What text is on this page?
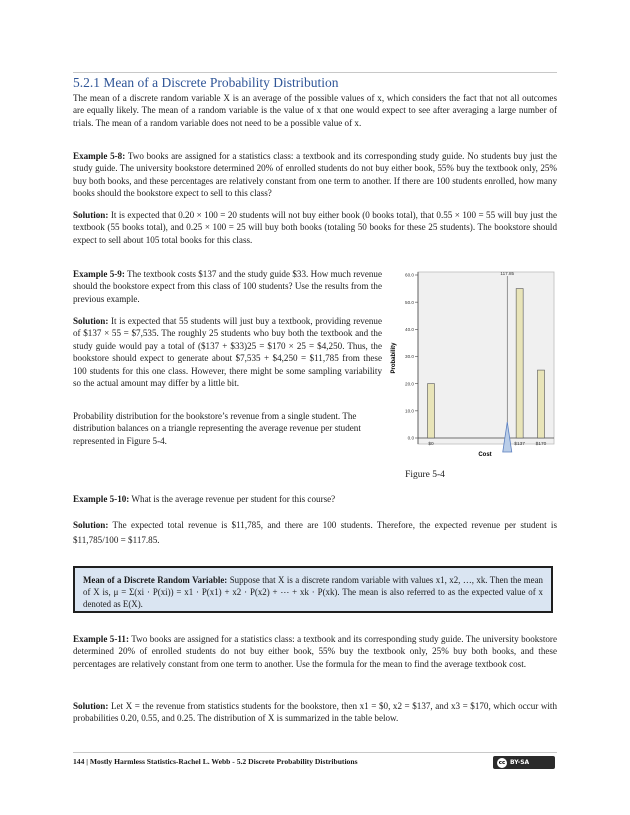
5.2.1 Mean of a Discrete Probability Distribution
The mean of a discrete random variable X is an average of the possible values of x, which considers the fact that not all outcomes are equally likely. The mean of a random variable is the value of x that one would expect to see after averaging a large number of trials. The mean of a random variable does not need to be a possible value of x.
Example 5-8: Two books are assigned for a statistics class: a textbook and its corresponding study guide. No students buy just the study guide. The university bookstore determined 20% of enrolled students do not buy either book, 55% buy the textbook only, 25% buy both books, and these percentages are relatively constant from one term to another. If there are 100 students enrolled, how many books should the bookstore expect to sell to this class?
Solution: It is expected that 0.20 × 100 = 20 students will not buy either book (0 books total), that 0.55 × 100 = 55 will buy just the textbook (55 books total), and 0.25 × 100 = 25 will buy both books (totaling 50 books for these 25 students). The bookstore should expect to sell about 105 total books for this class.
Example 5-9: The textbook costs $137 and the study guide $33. How much revenue should the bookstore expect from this class of 100 students? Use the results from the previous example.
Solution: It is expected that 55 students will just buy a textbook, providing revenue of $137 × 55 = $7,535. The roughly 25 students who buy both the textbook and the study guide would pay a total of ($137 + $33)25 = $170 × 25 = $4,250. Thus, the bookstore should expect to generate about $7,535 + $4,250 = $11,785 from these 100 students for this one class. However, there might be some sampling variability so the actual amount may differ by a little bit.
Probability distribution for the bookstore’s revenue from a single student. The distribution balances on a triangle representing the average revenue per student represented in Figure 5-4.	0.0
10.0
20.0
30.0
40.0
50.0
60.0
$0	$137 $170
117.85
Probability
Cost
Figure 5-4
Example 5-10: What is the average revenue per student for this course?
Solution: The expected total revenue is $11,785, and there are 100 students. Therefore, the expected revenue per student is $11,785/100 = $117.85.
Mean of a Discrete Random Variable: Suppose that X is a discrete random variable with values x1, x2, …, xk. Then the mean of X is, μ = Σ(xi · P(xi)) = x1 · P(x1) + x2 · P(x2) + ⋯ + xk · P(xk). The mean is also referred to as the expected value of x denoted as E(X).
Example 5-11: Two books are assigned for a statistics class: a textbook and its corresponding study guide. The university bookstore determined 20% of enrolled students do not buy either book, 55% buy the textbook only, 25% buy both books, and these percentages are relatively constant from one term to another. Use the formula for the mean to find the average textbook cost.
Solution: Let X = the revenue from statistics students for the bookstore, then x1 = $0, x2 = $137, and x3 = $170, which occur with probabilities 0.20, 0.55, and 0.25. The distribution of X is summarized in the table below.
144 | Mostly Harmless Statistics-Rachel L. Webb - 5.2 Discrete Probability Distributions	cc BY-SA
